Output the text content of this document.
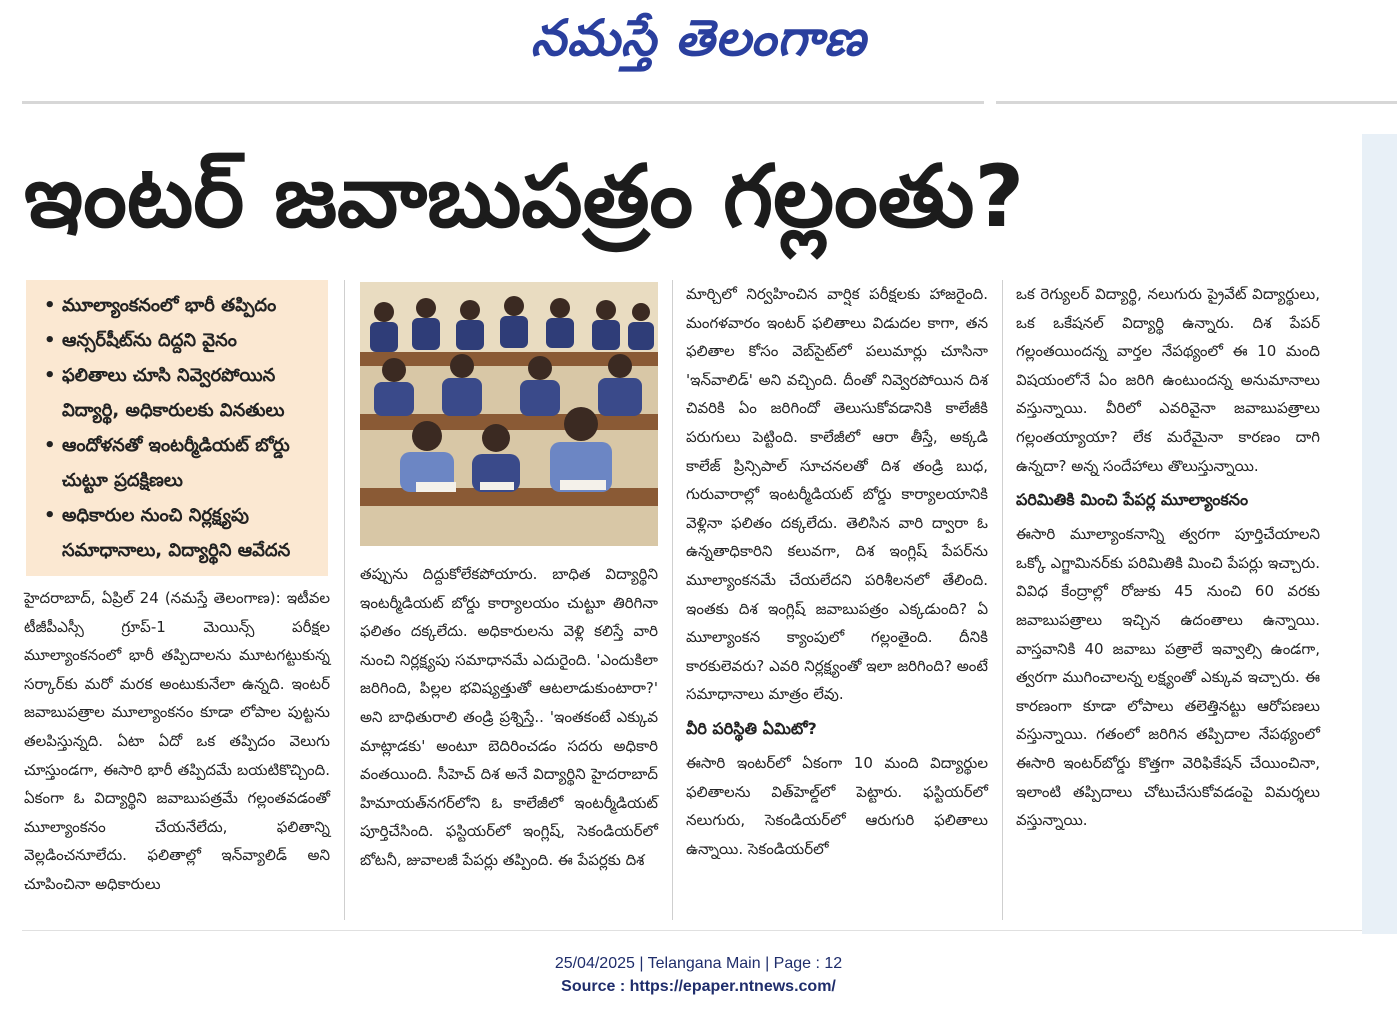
నమస్తే తెలంగాణ
ఇంటర్ జవాబుపత్రం గల్లంతు?
• మూల్యాంకనంలో భారీ తప్పిదం
• ఆన్సర్‌షీట్‌ను దిద్దని వైనం
• ఫలితాలు చూసి నివ్వెరపోయిన విద్యార్థి, అధికారులకు వినతులు
• ఆందోళనతో ఇంటర్మీడియట్ బోర్డు చుట్టూ ప్రదక్షిణలు
• అధికారుల నుంచి నిర్లక్ష్యపు సమాధానాలు, విద్యార్థిని ఆవేదన

హైదరాబాద్, ఏప్రిల్ 24 (నమస్తే తెలంగాణ): ఇటీవల టీజీపీఎస్సీ గ్రూప్-1 మెయిన్స్ పరీక్షల మూల్యాంకనంలో భారీ తప్పిదాలను మూటగట్టుకున్న సర్కార్‌కు మరో మరక అంటుకునేలా ఉన్నది. ఇంటర్ జవాబుపత్రాల మూల్యాంకనం కూడా లోపాల పుట్టను తలపిస్తున్నది. ఏటా ఏదో ఒక తప్పిదం వెలుగు చూస్తుండగా, ఈసారి భారీ తప్పిదమే బయటికొచ్చింది. ఏకంగా ఓ విద్యార్థిని జవాబుపత్రమే గల్లంతవడంతో మూల్యాంకనం చేయనేలేదు, ఫలితాన్ని వెల్లడించనూలేదు. ఫలితాల్లో ఇన్‌వ్యాలిడ్ అని చూపించినా అధికారులు

తప్పును దిద్దుకోలేకపోయారు. బాధిత విద్యార్థిని ఇంటర్మీడియట్ బోర్డు కార్యాలయం చుట్టూ తిరిగినా ఫలితం దక్కలేదు. అధికారులను వెళ్లి కలిస్తే వారి నుంచి నిర్లక్ష్యపు సమాధానమే ఎదురైంది. 'ఎందుకిలా జరిగింది, పిల్లల భవిష్యత్తుతో ఆటలాడుకుంటారా?' అని బాధితురాలి తండ్రి ప్రశ్నిస్తే.. 'ఇంతకంటే ఎక్కువ మాట్లాడకు' అంటూ బెదిరించడం సదరు అధికారి వంతయింది. సీహెచ్ దిశ అనే విద్యార్థిని హైదరాబాద్ హిమాయత్‌నగర్‌లోని ఓ కాలేజీలో ఇంటర్మీడియట్ పూర్తిచేసింది. ఫస్టియర్‌లో ఇంగ్లిష్, సెకండియర్‌లో బోటనీ, జువాలజీ పేపర్లు తప్పింది. ఈ పేపర్లకు దిశ

మార్చిలో నిర్వహించిన వార్షిక పరీక్షలకు హాజరైంది. మంగళవారం ఇంటర్ ఫలితాలు విడుదల కాగా, తన ఫలితాల కోసం వెబ్‌సైట్‌లో పలుమార్లు చూసినా 'ఇన్‌వాలిడ్' అని వచ్చింది. దీంతో నివ్వెరపోయిన దిశ చివరికి ఏం జరిగిందో తెలుసుకోవడానికి కాలేజీకి పరుగులు పెట్టింది. కాలేజీలో ఆరా తీస్తే, అక్కడి కాలేజ్ ప్రిన్సిపాల్ సూచనలతో దిశ తండ్రి బుధ, గురువారాల్లో ఇంటర్మీడియట్ బోర్డు కార్యాలయానికి వెళ్లినా ఫలితం దక్కలేదు. తెలిసిన వారి ద్వారా ఓ ఉన్నతాధికారిని కలువగా, దిశ ఇంగ్లిష్ పేపర్‌ను మూల్యాంకనమే చేయలేదని పరిశీలనలో తేలింది. ఇంతకు దిశ ఇంగ్లిష్ జవాబుపత్రం ఎక్కడుంది? ఏ మూల్యాంకన క్యాంపులో గల్లంతైంది. దీనికి కారకులెవరు? ఎవరి నిర్లక్ష్యంతో ఇలా జరిగింది? అంటే సమాధానాలు మాత్రం లేవు.

వీరి పరిస్థితి ఏమిటో?

ఈసారి ఇంటర్‌లో ఏకంగా 10 మంది విద్యార్థుల ఫలితాలను విత్‌హెల్డ్‌లో పెట్టారు. ఫస్టియర్‌లో నలుగురు, సెకండియర్‌లో ఆరుగురి ఫలితాలు ఉన్నాయి. సెకండియర్‌లో

ఒక రెగ్యులర్ విద్యార్థి, నలుగురు ప్రైవేట్ విద్యార్థులు, ఒక ఒకేషనల్ విద్యార్థి ఉన్నారు. దిశ పేపర్ గల్లంతయిందన్న వార్తల నేపథ్యంలో ఈ 10 మంది విషయంలోనే ఏం జరిగి ఉంటుందన్న అనుమానాలు వస్తున్నాయి. వీరిలో ఎవరివైనా జవాబుపత్రాలు గల్లంతయ్యాయా? లేక మరేమైనా కారణం దాగి ఉన్నదా? అన్న సందేహాలు తొలుస్తున్నాయి.

పరిమితికి మించి పేపర్ల మూల్యాంకనం

ఈసారి మూల్యాంకనాన్ని త్వరగా పూర్తిచేయాలని ఒక్కో ఎగ్జామినర్‌కు పరిమితికి మించి పేపర్లు ఇచ్చారు. వివిధ కేంద్రాల్లో రోజుకు 45 నుంచి 60 వరకు జవాబుపత్రాలు ఇచ్చిన ఉదంతాలు ఉన్నాయి. వాస్తవానికి 40 జవాబు పత్రాలే ఇవ్వాల్సి ఉండగా, త్వరగా ముగించాలన్న లక్ష్యంతో ఎక్కువ ఇచ్చారు. ఈ కారణంగా కూడా లోపాలు తలెత్తినట్టు ఆరోపణలు వస్తున్నాయి. గతంలో జరిగిన తప్పిదాల నేపథ్యంలో ఈసారి ఇంటర్‌బోర్డు కొత్తగా వెరిఫికేషన్ చేయించినా, ఇలాంటి తప్పిదాలు చోటుచేసుకోవడంపై విమర్శలు వస్తున్నాయి.

25/04/2025 | Telangana Main | Page : 12
Source : https://epaper.ntnews.com/
